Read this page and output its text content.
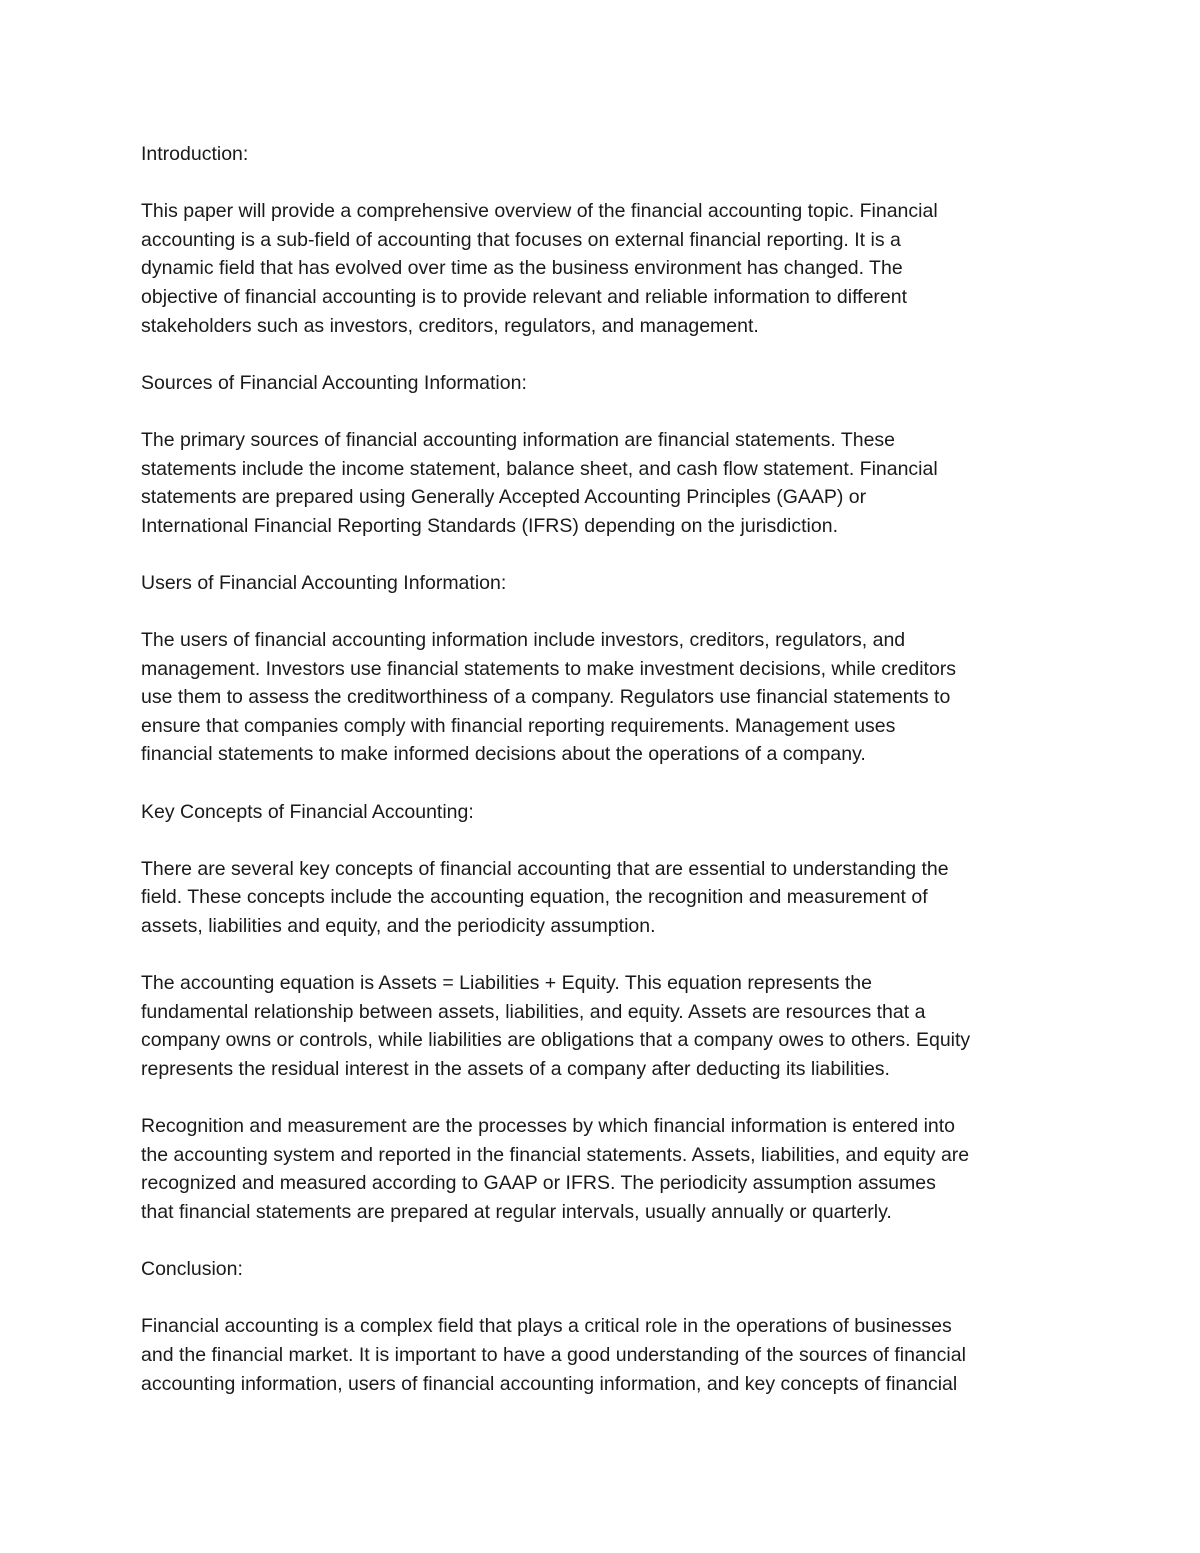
Introduction:

This paper will provide a comprehensive overview of the financial accounting topic. Financial
accounting is a sub-field of accounting that focuses on external financial reporting. It is a
dynamic field that has evolved over time as the business environment has changed. The
objective of financial accounting is to provide relevant and reliable information to different
stakeholders such as investors, creditors, regulators, and management.

Sources of Financial Accounting Information:

The primary sources of financial accounting information are financial statements. These
statements include the income statement, balance sheet, and cash flow statement. Financial
statements are prepared using Generally Accepted Accounting Principles (GAAP) or
International Financial Reporting Standards (IFRS) depending on the jurisdiction.

Users of Financial Accounting Information:

The users of financial accounting information include investors, creditors, regulators, and
management. Investors use financial statements to make investment decisions, while creditors
use them to assess the creditworthiness of a company. Regulators use financial statements to
ensure that companies comply with financial reporting requirements. Management uses
financial statements to make informed decisions about the operations of a company.

Key Concepts of Financial Accounting:

There are several key concepts of financial accounting that are essential to understanding the
field. These concepts include the accounting equation, the recognition and measurement of
assets, liabilities and equity, and the periodicity assumption.

The accounting equation is Assets = Liabilities + Equity. This equation represents the
fundamental relationship between assets, liabilities, and equity. Assets are resources that a
company owns or controls, while liabilities are obligations that a company owes to others. Equity
represents the residual interest in the assets of a company after deducting its liabilities.

Recognition and measurement are the processes by which financial information is entered into
the accounting system and reported in the financial statements. Assets, liabilities, and equity are
recognized and measured according to GAAP or IFRS. The periodicity assumption assumes
that financial statements are prepared at regular intervals, usually annually or quarterly.

Conclusion:

Financial accounting is a complex field that plays a critical role in the operations of businesses
and the financial market. It is important to have a good understanding of the sources of financial
accounting information, users of financial accounting information, and key concepts of financial
